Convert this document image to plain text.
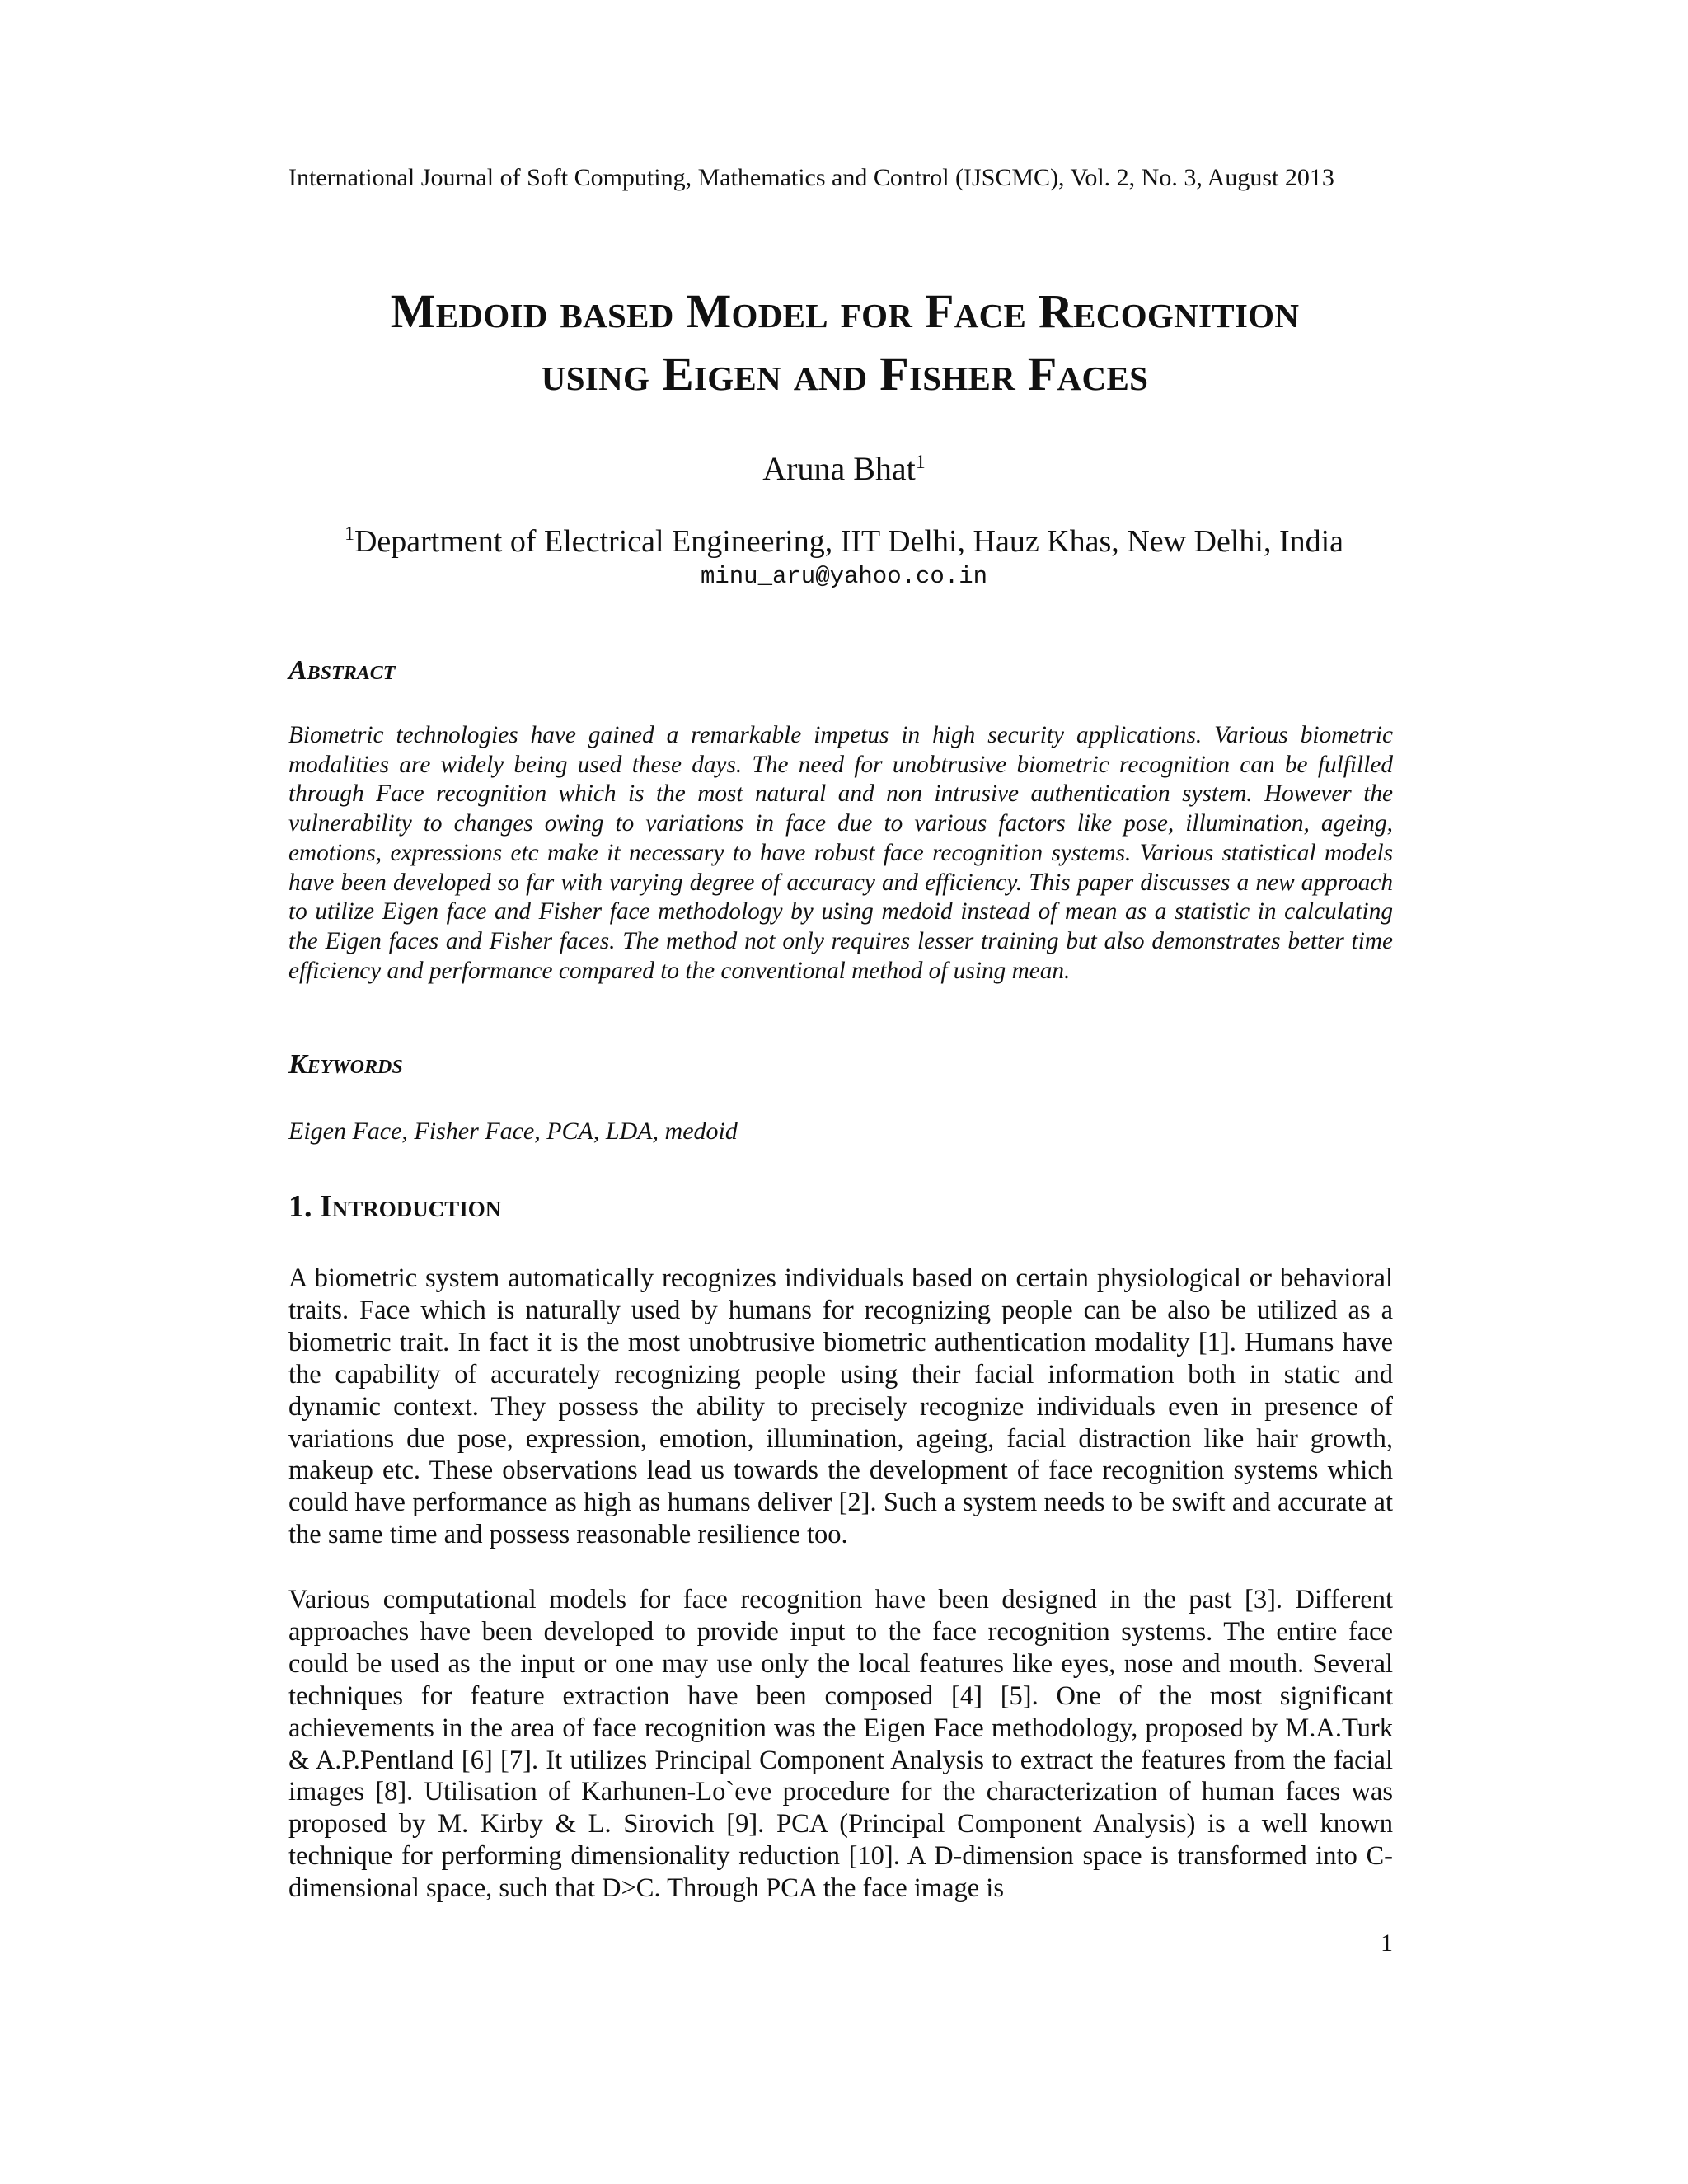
International Journal of Soft Computing, Mathematics and Control (IJSCMC), Vol. 2, No. 3, August 2013
Medoid based Model for Face Recognition
using Eigen and Fisher Faces
Aruna Bhat$^1$
$^1$Department of Electrical Engineering, IIT Delhi, Hauz Khas, New Delhi, India
minu_aru@yahoo.co.in
Abstract

Biometric technologies have gained a remarkable impetus in high security applications. Various biometric modalities are widely being used these days. The need for unobtrusive biometric recognition can be fulfilled through Face recognition which is the most natural and non intrusive authentication system. However the vulnerability to changes owing to variations in face due to various factors like pose, illumination, ageing, emotions, expressions etc make it necessary to have robust face recognition systems. Various statistical models have been developed so far with varying degree of accuracy and efficiency. This paper discusses a new approach to utilize Eigen face and Fisher face methodology by using medoid instead of mean as a statistic in calculating the Eigen faces and Fisher faces. The method not only requires lesser training but also demonstrates better time efficiency and performance compared to the conventional method of using mean.

Keywords

Eigen Face, Fisher Face, PCA, LDA, medoid

1. Introduction

A biometric system automatically recognizes individuals based on certain physiological or behavioral traits. Face which is naturally used by humans for recognizing people can be also be utilized as a biometric trait. In fact it is the most unobtrusive biometric authentication modality [1]. Humans have the capability of accurately recognizing people using their facial information both in static and dynamic context. They possess the ability to precisely recognize individuals even in presence of variations due pose, expression, emotion, illumination, ageing, facial distraction like hair growth, makeup etc. These observations lead us towards the development of face recognition systems which could have performance as high as humans deliver [2]. Such a system needs to be swift and accurate at the same time and possess reasonable resilience too.

Various computational models for face recognition have been designed in the past [3]. Different approaches have been developed to provide input to the face recognition systems. The entire face could be used as the input or one may use only the local features like eyes, nose and mouth. Several techniques for feature extraction have been composed [4] [5]. One of the most significant achievements in the area of face recognition was the Eigen Face methodology, proposed by M.A.Turk & A.P.Pentland [6] [7]. It utilizes Principal Component Analysis to extract the features from the facial images [8]. Utilisation of Karhunen-Lo`eve procedure for the characterization of human faces was proposed by M. Kirby & L. Sirovich [9]. PCA (Principal Component Analysis) is a well known technique for performing dimensionality reduction [10]. A D-dimension space is transformed into C-dimensional space, such that D>C. Through PCA the face image is

1
